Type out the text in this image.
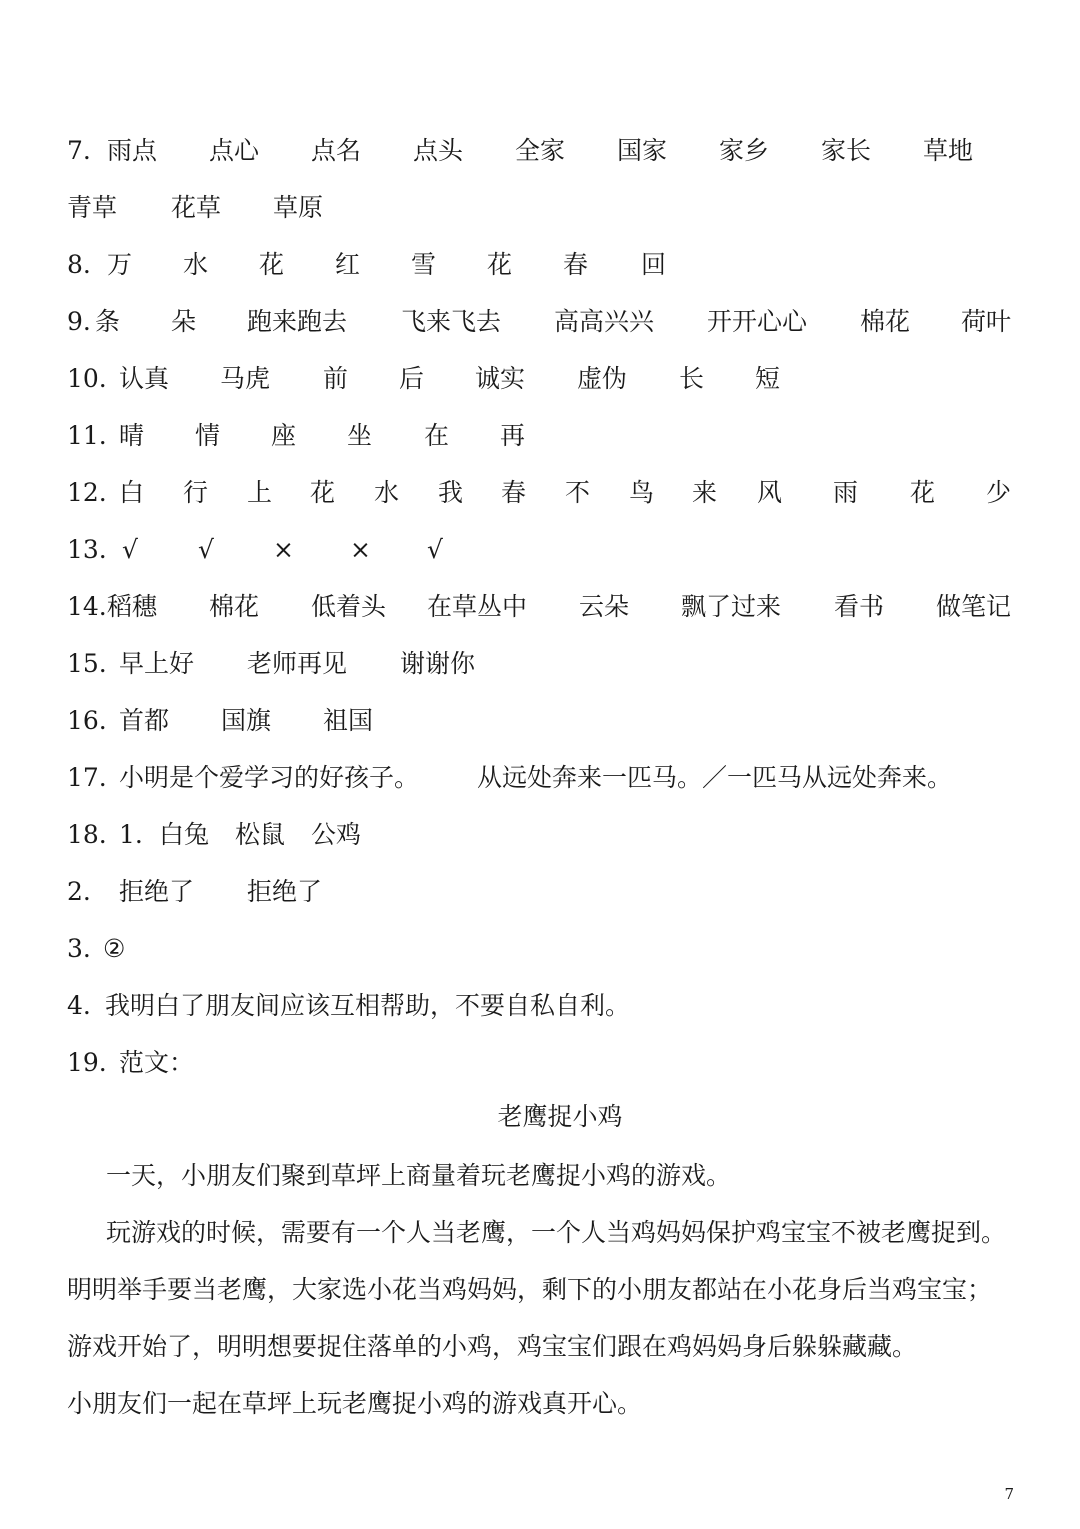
7. 雨点 点心 点名 点头 全家 国家 家乡 家长 草地
青草 花草 草原
8. 万 水 花 红 雪 花 春 回
9. 条 朵 跑来跑去 飞来飞去 高高兴兴 开开心心 棉花 荷叶
10. 认真 马虎 前 后 诚实 虚伪 长 短
11. 晴 情 座 坐 在 再
12. 白 行 上 花 水 我 春 不 鸟 来 风 雨 花 少
13. √ √ × × √
14. 稻穗 棉花 低着头 在草丛中 云朵 飘了过来 看书 做笔记
15. 早上好 老师再见 谢谢你
16. 首都 国旗 祖国
17. 小明是个爱学习的好孩子。 从远处奔来一匹马。／一匹马从远处奔来。
18. 1. 白兔 松鼠 公鸡
2. 拒绝了 拒绝了
3. ②
4. 我明白了朋友间应该互相帮助，不要自私自利。
19. 范文：
老鹰捉小鸡
一天，小朋友们聚到草坪上商量着玩老鹰捉小鸡的游戏。
玩游戏的时候，需要有一个人当老鹰，一个人当鸡妈妈保护鸡宝宝不被老鹰捉到。
明明举手要当老鹰，大家选小花当鸡妈妈，剩下的小朋友都站在小花身后当鸡宝宝；
游戏开始了，明明想要捉住落单的小鸡，鸡宝宝们跟在鸡妈妈身后躲躲藏藏。
小朋友们一起在草坪上玩老鹰捉小鸡的游戏真开心。
7
